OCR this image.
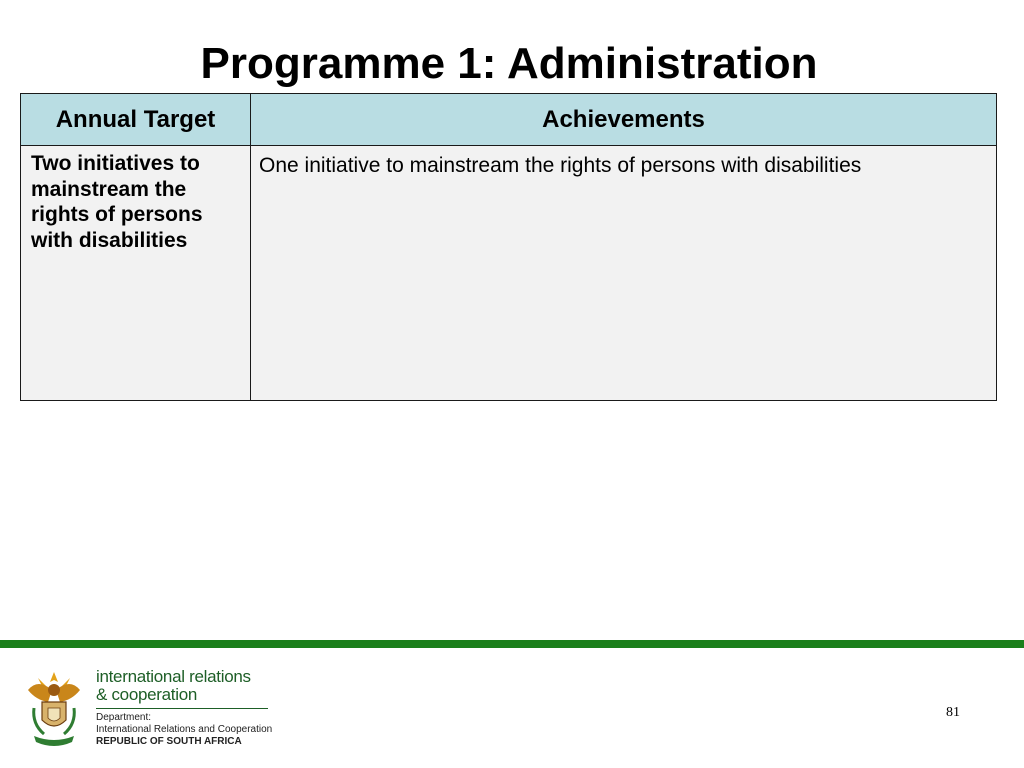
Programme 1: Administration
Annual Target	Achievements
Two initiatives to mainstream the rights of persons with disabilities	One initiative to mainstream the rights of persons with disabilities
international relations
& cooperation
Department:
International Relations and Cooperation
REPUBLIC OF SOUTH AFRICA
81
